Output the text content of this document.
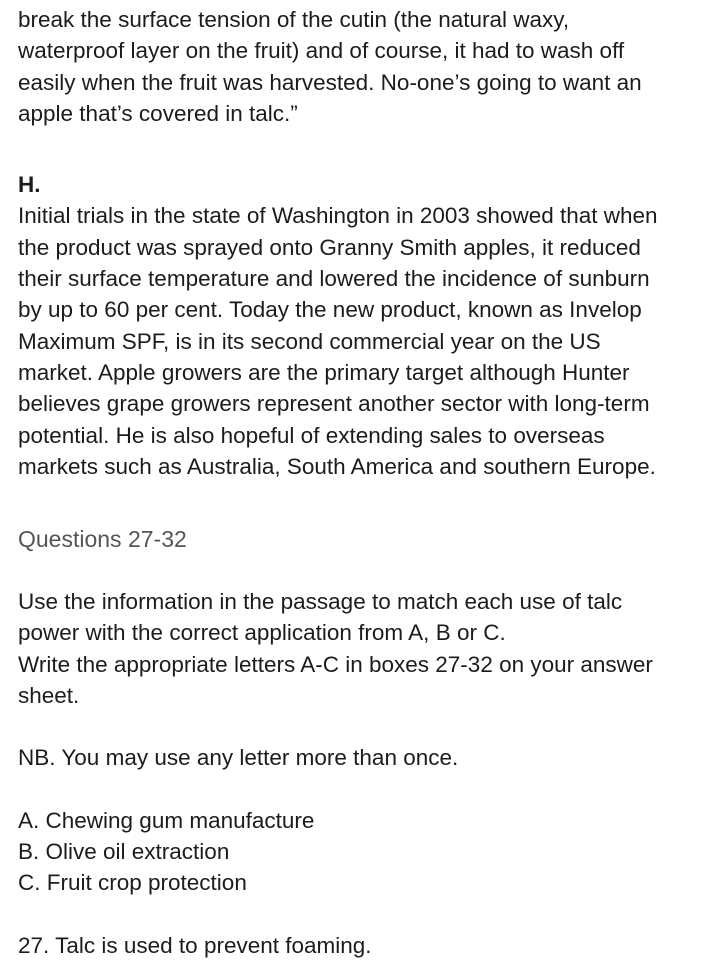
break the surface tension of the cutin (the natural waxy,
waterproof layer on the fruit) and of course, it had to wash off
easily when the fruit was harvested. No-one’s going to want an
apple that’s covered in talc.”

H.

Initial trials in the state of Washington in 2003 showed that when
the product was sprayed onto Granny Smith apples, it reduced
their surface temperature and lowered the incidence of sunburn
by up to 60 per cent. Today the new product, known as Invelop
Maximum SPF, is in its second commercial year on the US
market. Apple growers are the primary target although Hunter
believes grape growers represent another sector with long-term
potential. He is also hopeful of extending sales to overseas
markets such as Australia, South America and southern Europe.

Questions 27-32

Use the information in the passage to match each use of talc
power with the correct application from A, B or C.
Write the appropriate letters A-C in boxes 27-32 on your answer
sheet.

NB. You may use any letter more than once.

A. Chewing gum manufacture
B. Olive oil extraction
C. Fruit crop protection

27. Talc is used to prevent foaming.
